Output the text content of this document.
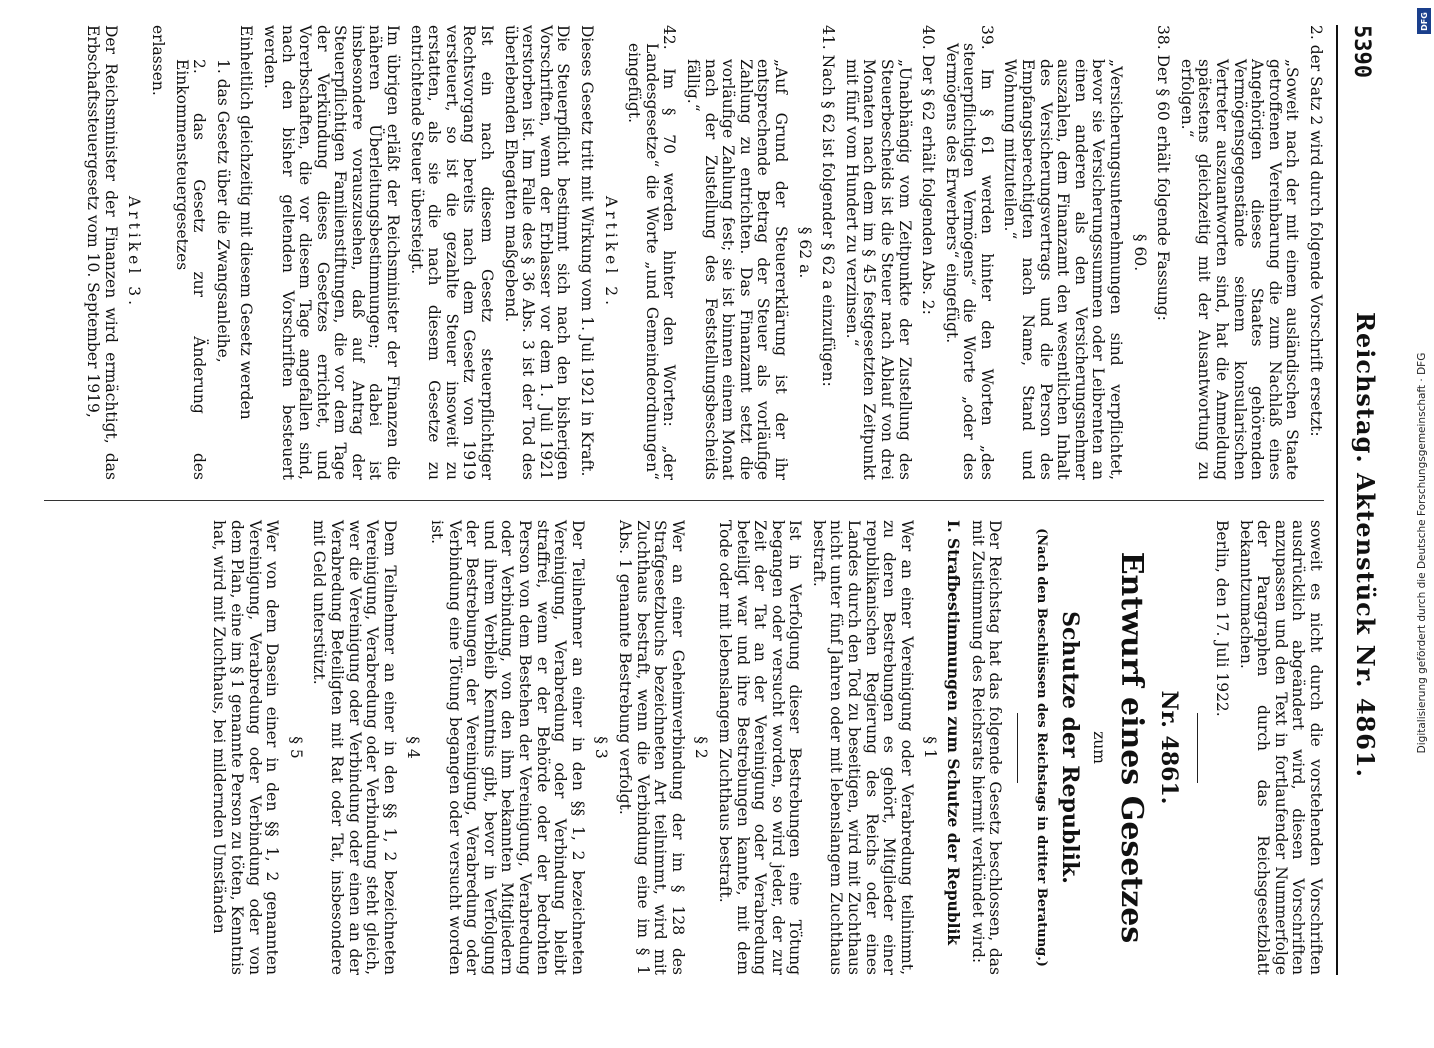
5390
Reichstag. Aktenstück Nr. 4861.

2. der Satz 2 wird durch folgende Vorschrift ersetzt:

„Soweit nach der mit einem ausländischen Staate getroffenen Vereinbarung die zum Nachlaß eines Angehörigen dieses Staates gehörenden Vermögensgegenstände seinem konsularischen Vertreter auszuantworten sind, hat die Anmeldung spätestens gleichzeitig mit der Ausantwortung zu erfolgen.“

38. Der § 60 erhält folgende Fassung:

§ 60.

„Versicherungsunternehmungen sind verpflichtet, bevor sie Versicherungssummen oder Leibrenten an einen anderen als den Versicherungsnehmer auszahlen, dem Finanzamt den wesentlichen Inhalt des Versicherungsvertrags und die Person des Empfangsberechtigten nach Name, Stand und Wohnung mitzuteilen.“

39. Im § 61 werden hinter den Worten „des steuerpflichtigen Vermögens“ die Worte „oder des Vermögens des Erwerbers“ eingefügt.

40. Der § 62 erhält folgenden Abs. 2:

„Unabhängig vom Zeitpunkte der Zustellung des Steuerbescheids ist die Steuer nach Ablauf von drei Monaten nach dem im § 45 festgesetzten Zeitpunkt mit fünf vom Hundert zu verzinsen.“

41. Nach § 62 ist folgender § 62 a einzufügen:

§ 62 a.

„Auf Grund der Steuererklärung ist der ihr entsprechende Betrag der Steuer als vorläufige Zahlung zu entrichten. Das Finanzamt setzt die vorläufige Zahlung fest; sie ist binnen einem Monat nach der Zustellung des Feststellungsbescheids fällig.“

42. Im § 70 werden hinter den Worten: „der Landesgesetze“ die Worte „und Gemeindeordnungen“ eingefügt.

Artikel 2.

Dieses Gesetz tritt mit Wirkung vom 1. Juli 1921 in Kraft.

Die Steuerpflicht bestimmt sich nach den bisherigen Vorschriften, wenn der Erblasser vor dem 1. Juli 1921 verstorben ist. Im Falle des § 36 Abs. 3 ist der Tod des überlebenden Ehegatten maßgebend.

Ist ein nach diesem Gesetz steuerpflichtiger Rechtsvorgang bereits nach dem Gesetz von 1919 versteuert, so ist die gezahlte Steuer insoweit zu erstatten, als sie die nach diesem Gesetze zu entrichtende Steuer übersteigt.

Im übrigen erläßt der Reichsminister der Finanzen die näheren Überleitungsbestimmungen; dabei ist insbesondere vorauszusehen, daß auf Antrag der Steuerpflichtigen Familienstiftungen, die vor dem Tage der Verkündung dieses Gesetzes errichtet, und Vorerbschaften, die vor diesem Tage angefallen sind, nach den bisher geltenden Vorschriften besteuert werden.

Einheitlich gleichzeitig mit diesem Gesetz werden

1. das Gesetz über die Zwangsanleihe,

2. das Gesetz zur Änderung des Einkommensteuergesetzes

erlassen.

Artikel 3.

Der Reichsminister der Finanzen wird ermächtigt, das Erbschaftssteuergesetz vom 10. September 1919,

soweit es nicht durch die vorstehenden Vorschriften ausdrücklich abgeändert wird, diesen Vorschriften anzupassen und den Text in fortlaufender Nummerfolge der Paragraphen durch das Reichsgesetzblatt bekanntzumachen.

Berlin, den 17. Juli 1922.

Nr. 4861.

Entwurf eines Gesetzes

zum

Schutze der Republik.

(Nach den Beschlüssen des Reichstags in dritter Beratung.)

Der Reichstag hat das folgende Gesetz beschlossen, das mit Zustimmung des Reichsrats hiermit verkündet wird:

I. Strafbestimmungen zum Schutze der Republik

§ 1

Wer an einer Vereinigung oder Verabredung teilnimmt, zu deren Bestrebungen es gehört, Mitglieder einer republikanischen Regierung des Reichs oder eines Landes durch den Tod zu beseitigen, wird mit Zuchthaus nicht unter fünf Jahren oder mit lebenslangem Zuchthaus bestraft.

Ist in Verfolgung dieser Bestrebungen eine Tötung begangen oder versucht worden, so wird jeder, der zur Zeit der Tat an der Vereinigung oder Verabredung beteiligt war und ihre Bestrebungen kannte, mit dem Tode oder mit lebenslangem Zuchthaus bestraft.

§ 2

Wer an einer Geheimverbindung der im § 128 des Strafgesetzbuchs bezeichneten Art teilnimmt, wird mit Zuchthaus bestraft, wenn die Verbindung eine im § 1 Abs. 1 genannte Bestrebung verfolgt.

§ 3

Der Teilnehmer an einer in den §§ 1, 2 bezeichneten Vereinigung, Verabredung oder Verbindung bleibt straffrei, wenn er der Behörde oder der bedrohten Person von dem Bestehen der Vereinigung, Verabredung oder Verbindung, von den ihm bekannten Mitgliedern und ihrem Verbleib Kenntnis gibt, bevor in Verfolgung der Bestrebungen der Vereinigung, Verabredung oder Verbindung eine Tötung begangen oder versucht worden ist.

§ 4

Dem Teilnehmer an einer in den §§ 1, 2 bezeichneten Vereinigung, Verabredung oder Verbindung steht gleich, wer die Vereinigung oder Verbindung oder einen an der Verabredung Beteiligten mit Rat oder Tat, insbesondere mit Geld unterstützt.

§ 5

Wer von dem Dasein einer in den §§ 1, 2 genannten Vereinigung, Verabredung oder Verbindung oder von dem Plan, eine im § 1 genannte Person zu töten, Kenntnis hat, wird mit Zuchthaus, bei mildernden Umständen

DFG
Digitalisierung gefördert durch die Deutsche Forschungsgemeinschaft · DFG
